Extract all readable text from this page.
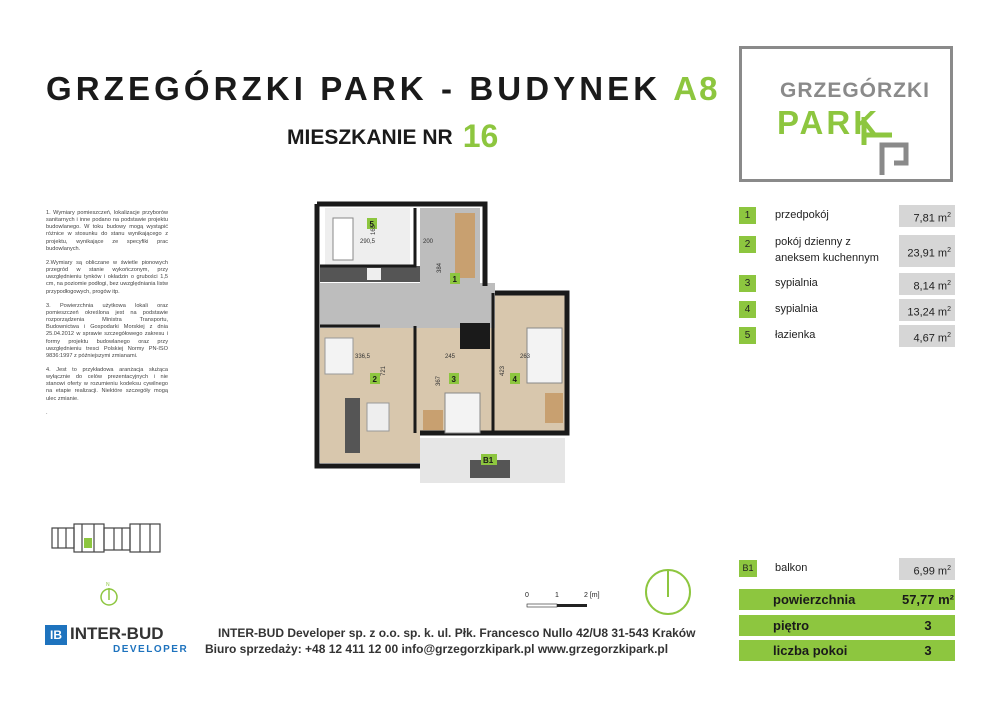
GRZEGÓRZKI PARK - BUDYNEK A8
MIESZKANIE NR 16
GRZEGÓRZKI
PARK

1. Wymiary pomieszczeń, lokalizacje przyborów sanitarnych i inne podano na podstawie projektu budowlanego. W toku budowy mogą wystąpić różnice w stosunku do stanu wynikającego z projektu, wynikające ze specyfiki prac budowlanych.

2.Wymiary są obliczane w świetle pionowych przegród w stanie wykończonym, przy uwzględnieniu tynków i okładzin o grubości 1,5 cm, na poziomie podłogi, bez uwzględniania listw przypodłogowych, progów itp.

3. Powierzchnia użytkowa lokali oraz pomieszczeń określona jest na podstawie rozporządzenia Ministra Transportu, Budownictwa i Gospodarki Morskiej z dnia 25.04.2012 w sprawie szczegółowego zakresu i formy projektu budowlanego oraz przy uwzględnieniu tresci Polskiej Normy PN-ISO 9836:1997 z późniejszymi zmianami.

4. Jest to przykładowa aranżacja służąca wyłącznie do celów prezentacyjnych i nie stanowi oferty w rozumieniu kodeksu cywilnego na etapie realizacji. Niektóre szczegóły mogą ulec zmianie.

.

5
1
2	3	4
B1
290,5
165
200
384
336,5
721
245
367
263
423
1	przedpokój	7,81 $m^2$
2	pokój dzienny z aneksem kuchennym	23,91 $m^2$
3	sypialnia	8,14 $m^2$
4	sypialnia	13,24 $m^2$
5	łazienka	4,67 $m^2$
B1	balkon	6,99 $m^2$
powierzchnia	57,77 m²
piętro	3
liczba pokoi	3
N
0	1	2 [m]
IB INTER-BUD
DEVELOPER
INTER-BUD Developer sp. z o.o. sp. k. ul. Płk. Francesco Nullo 42/U8 31-543 Kraków
Biuro sprzedaży: +48 12 411 12 00 info@grzegorzkipark.pl www.grzegorzkipark.pl
